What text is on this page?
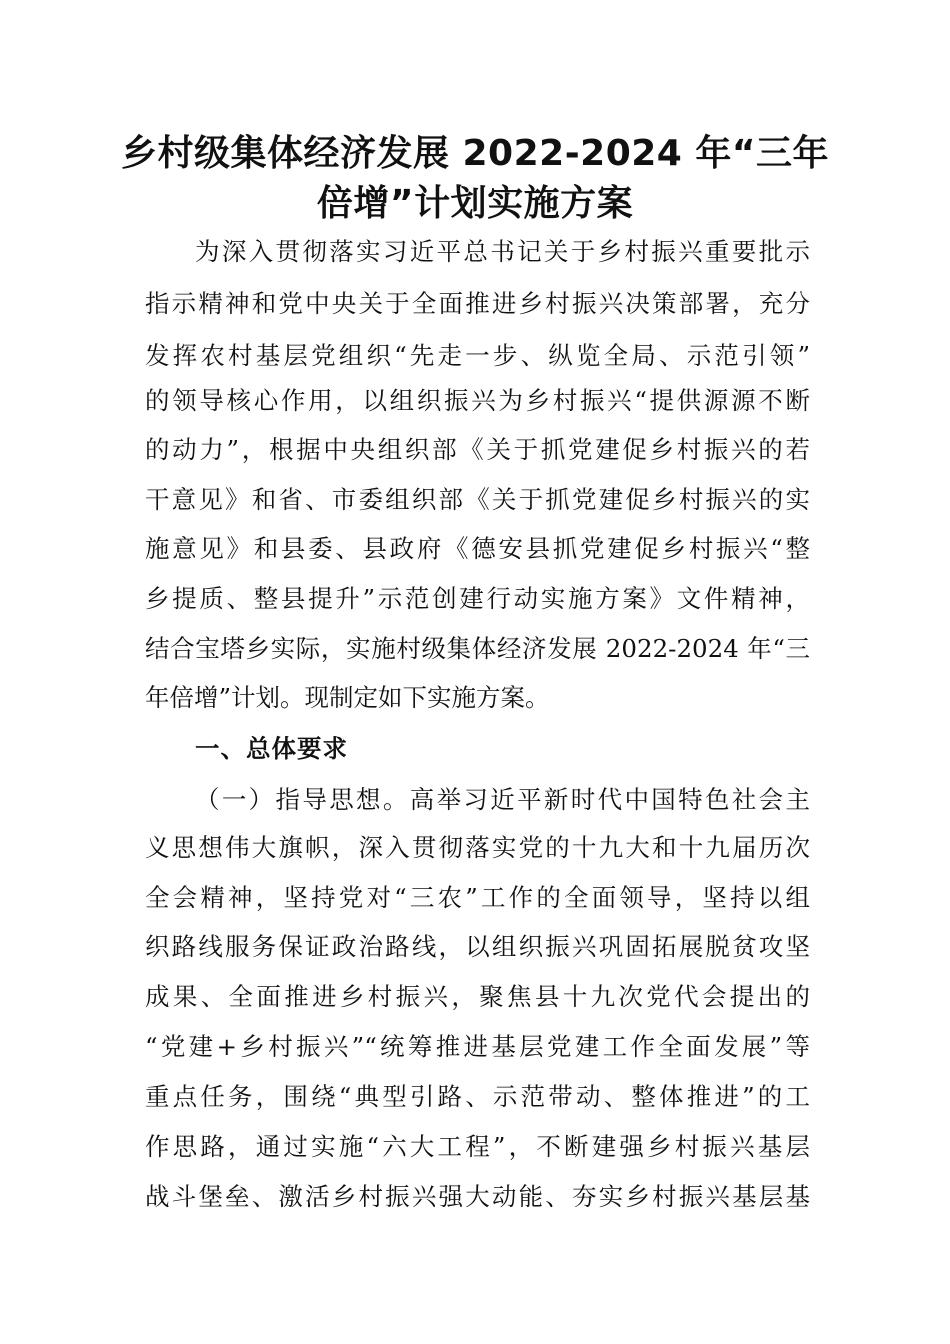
乡村级集体经济发展 2022-2024 年“三年
倍增”计划实施方案
为深入贯彻落实习近平总书记关于乡村振兴重要批示
指示精神和党中央关于全面推进乡村振兴决策部署，充分
发挥农村基层党组织“先走一步、纵览全局、示范引领”
的领导核心作用，以组织振兴为乡村振兴“提供源源不断
的动力”，根据中央组织部《关于抓党建促乡村振兴的若
干意见》和省、市委组织部《关于抓党建促乡村振兴的实
施意见》和县委、县政府《德安县抓党建促乡村振兴“整
乡提质、整县提升”示范创建行动实施方案》文件精神，
结合宝塔乡实际，实施村级集体经济发展 2022-2024 年“三
年倍增”计划。现制定如下实施方案。
一、总体要求
（一）指导思想。高举习近平新时代中国特色社会主
义思想伟大旗帜，深入贯彻落实党的十九大和十九届历次
全会精神，坚持党对“三农”工作的全面领导，坚持以组
织路线服务保证政治路线，以组织振兴巩固拓展脱贫攻坚
成果、全面推进乡村振兴，聚焦县十九次党代会提出的
“党建+乡村振兴”“统筹推进基层党建工作全面发展”等
重点任务，围绕“典型引路、示范带动、整体推进”的工
作思路，通过实施“六大工程”，不断建强乡村振兴基层
战斗堡垒、激活乡村振兴强大动能、夯实乡村振兴基层基
